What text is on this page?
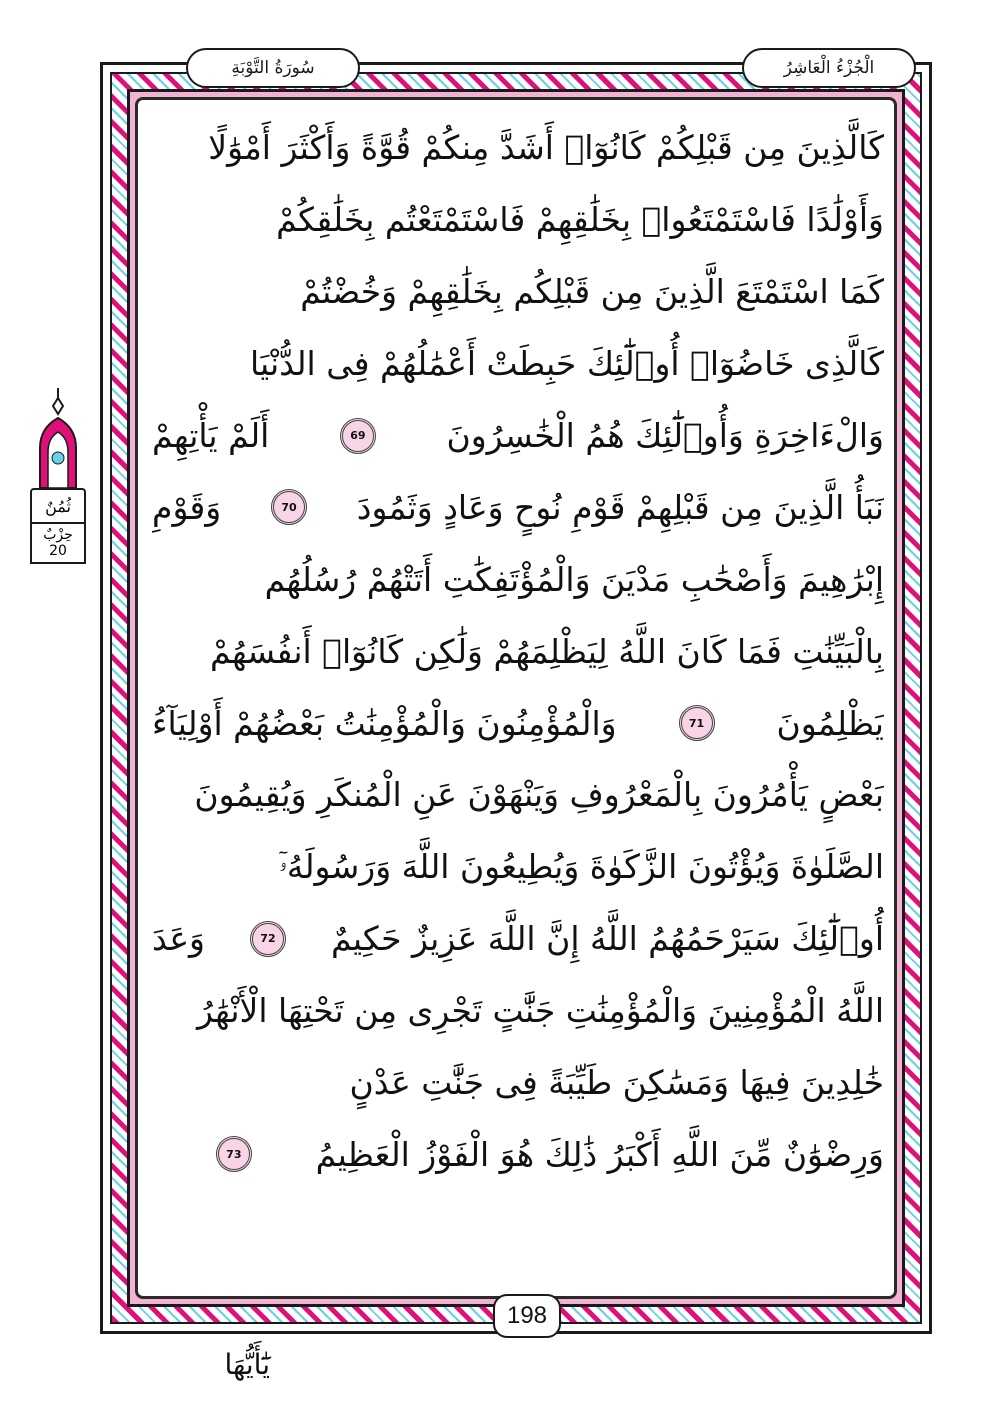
الْجُزْءُ الْعَاشِرُ
سُورَةُ التَّوْبَةِ
ثُمُنٌ
حِزْبٌ
20
كَالَّذِينَ مِن قَبْلِكُمْ كَانُوٓا۟ أَشَدَّ مِنكُمْ قُوَّةً وَأَكْثَرَ أَمْوَٰلًا
وَأَوْلَٰدًا فَاسْتَمْتَعُوا۟ بِخَلَٰقِهِمْ فَاسْتَمْتَعْتُم بِخَلَٰقِكُمْ
كَمَا اسْتَمْتَعَ الَّذِينَ مِن قَبْلِكُم بِخَلَٰقِهِمْ وَخُضْتُمْ
كَالَّذِى خَاضُوٓا۟ أُو۟لَٰٓئِكَ حَبِطَتْ أَعْمَٰلُهُمْ فِى الدُّنْيَا
وَالْءَاخِرَةِ وَأُو۟لَٰٓئِكَ هُمُ الْخَٰسِرُونَ
69
أَلَمْ يَأْتِهِمْ
نَبَأُ الَّذِينَ مِن قَبْلِهِمْ قَوْمِ نُوحٍ وَعَادٍ وَثَمُودَ
70
وَقَوْمِ
إِبْرَٰهِيمَ وَأَصْحَٰبِ مَدْيَنَ وَالْمُؤْتَفِكَٰتِ أَتَتْهُمْ رُسُلُهُم
بِالْبَيِّنَٰتِ فَمَا كَانَ اللَّهُ لِيَظْلِمَهُمْ وَلَٰكِن كَانُوٓا۟ أَنفُسَهُمْ
يَظْلِمُونَ
71
وَالْمُؤْمِنُونَ وَالْمُؤْمِنَٰتُ بَعْضُهُمْ أَوْلِيَآءُ
بَعْضٍ يَأْمُرُونَ بِالْمَعْرُوفِ وَيَنْهَوْنَ عَنِ الْمُنكَرِ وَيُقِيمُونَ
الصَّلَوٰةَ وَيُؤْتُونَ الزَّكَوٰةَ وَيُطِيعُونَ اللَّهَ وَرَسُولَهُۥٓ
أُو۟لَٰٓئِكَ سَيَرْحَمُهُمُ اللَّهُ إِنَّ اللَّهَ عَزِيزٌ حَكِيمٌ
72
وَعَدَ
اللَّهُ الْمُؤْمِنِينَ وَالْمُؤْمِنَٰتِ جَنَّٰتٍ تَجْرِى مِن تَحْتِهَا الْأَنْهَٰرُ
خَٰلِدِينَ فِيهَا وَمَسَٰكِنَ طَيِّبَةً فِى جَنَّٰتِ عَدْنٍ
وَرِضْوَٰنٌ مِّنَ اللَّهِ أَكْبَرُ ذَٰلِكَ هُوَ الْفَوْزُ الْعَظِيمُ
73
198
يَٰٓأَيُّهَا
